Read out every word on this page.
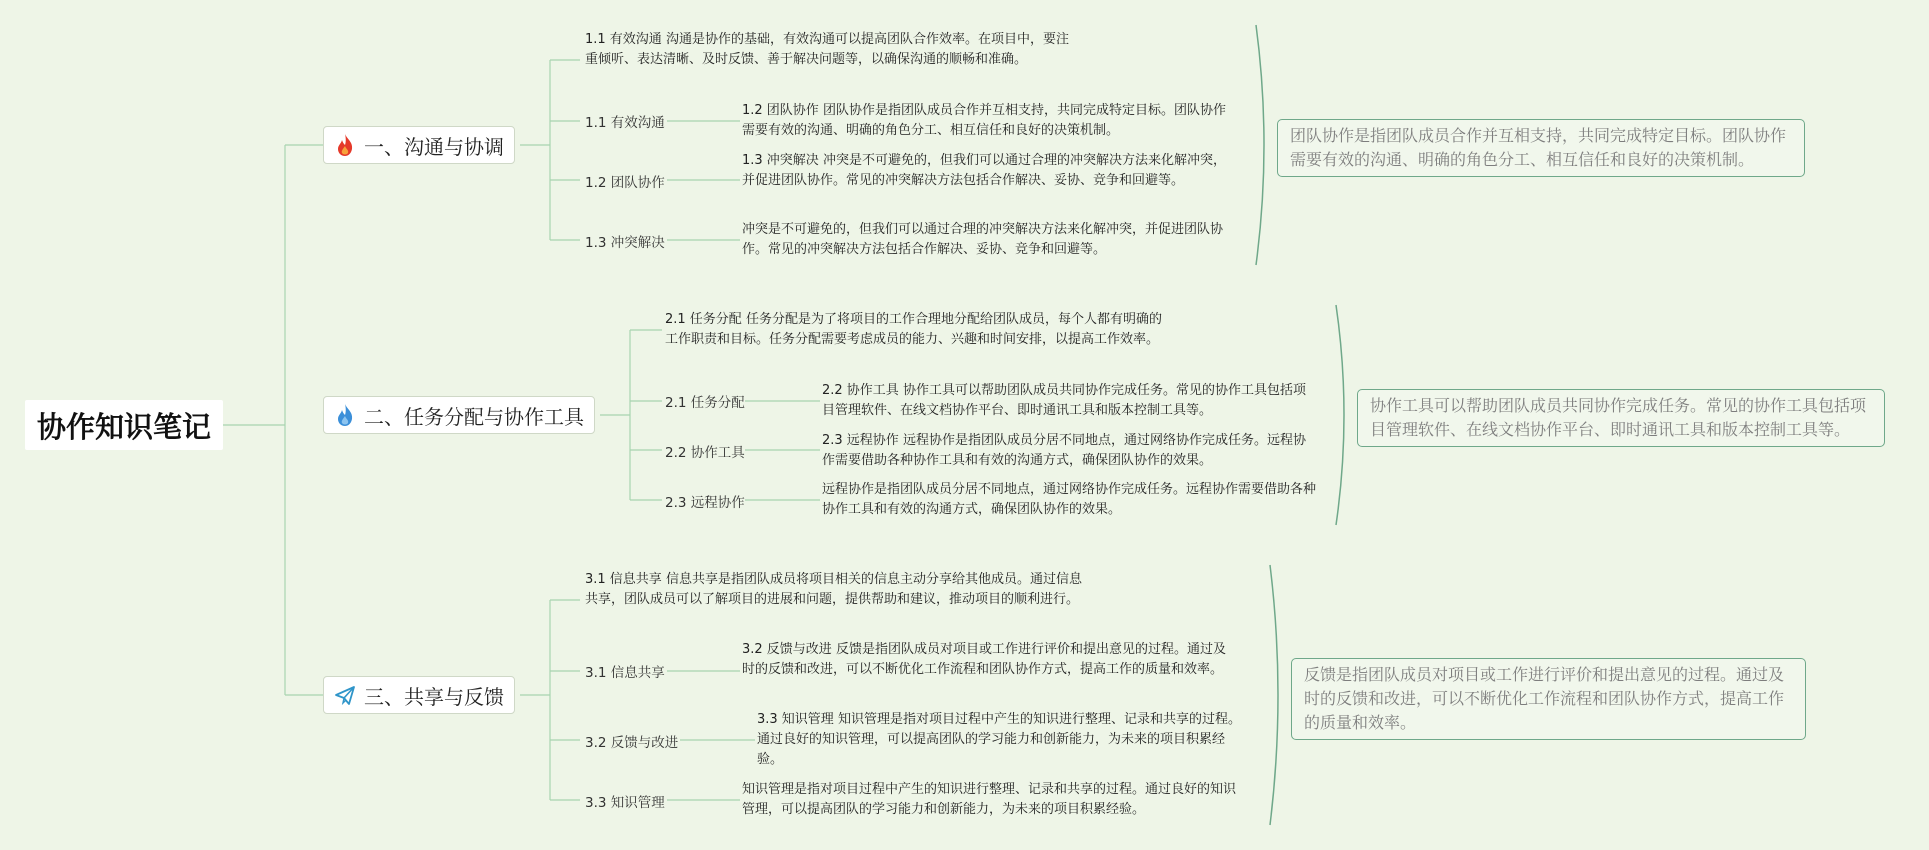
协作知识笔记
一、沟通与协调
1.1 有效沟通 沟通是协作的基础，有效沟通可以提高团队合作效率。在项目中，要注重倾听、表达清晰、及时反馈、善于解决问题等，以确保沟通的顺畅和准确。
1.1 有效沟通
1.2 团队协作
1.3 冲突解决
1.2 团队协作 团队协作是指团队成员合作并互相支持，共同完成特定目标。团队协作需要有效的沟通、明确的角色分工、相互信任和良好的决策机制。
1.3 冲突解决 冲突是不可避免的，但我们可以通过合理的冲突解决方法来化解冲突，并促进团队协作。常见的冲突解决方法包括合作解决、妥协、竞争和回避等。
冲突是不可避免的，但我们可以通过合理的冲突解决方法来化解冲突，并促进团队协作。常见的冲突解决方法包括合作解决、妥协、竞争和回避等。
团队协作是指团队成员合作并互相支持，共同完成特定目标。团队协作需要有效的沟通、明确的角色分工、相互信任和良好的决策机制。
二、任务分配与协作工具
2.1 任务分配 任务分配是为了将项目的工作合理地分配给团队成员，每个人都有明确的工作职责和目标。任务分配需要考虑成员的能力、兴趣和时间安排，以提高工作效率。
2.1 任务分配
2.2 协作工具
2.3 远程协作
2.2 协作工具 协作工具可以帮助团队成员共同协作完成任务。常见的协作工具包括项目管理软件、在线文档协作平台、即时通讯工具和版本控制工具等。
2.3 远程协作 远程协作是指团队成员分居不同地点，通过网络协作完成任务。远程协作需要借助各种协作工具和有效的沟通方式，确保团队协作的效果。
远程协作是指团队成员分居不同地点，通过网络协作完成任务。远程协作需要借助各种协作工具和有效的沟通方式，确保团队协作的效果。
协作工具可以帮助团队成员共同协作完成任务。常见的协作工具包括项目管理软件、在线文档协作平台、即时通讯工具和版本控制工具等。
三、共享与反馈
3.1 信息共享 信息共享是指团队成员将项目相关的信息主动分享给其他成员。通过信息共享，团队成员可以了解项目的进展和问题，提供帮助和建议，推动项目的顺利进行。
3.1 信息共享
3.2 反馈与改进
3.3 知识管理
3.2 反馈与改进 反馈是指团队成员对项目或工作进行评价和提出意见的过程。通过及时的反馈和改进，可以不断优化工作流程和团队协作方式，提高工作的质量和效率。
3.3 知识管理 知识管理是指对项目过程中产生的知识进行整理、记录和共享的过程。通过良好的知识管理，可以提高团队的学习能力和创新能力，为未来的项目积累经验。
知识管理是指对项目过程中产生的知识进行整理、记录和共享的过程。通过良好的知识管理，可以提高团队的学习能力和创新能力，为未来的项目积累经验。
反馈是指团队成员对项目或工作进行评价和提出意见的过程。通过及时的反馈和改进，可以不断优化工作流程和团队协作方式，提高工作的质量和效率。
